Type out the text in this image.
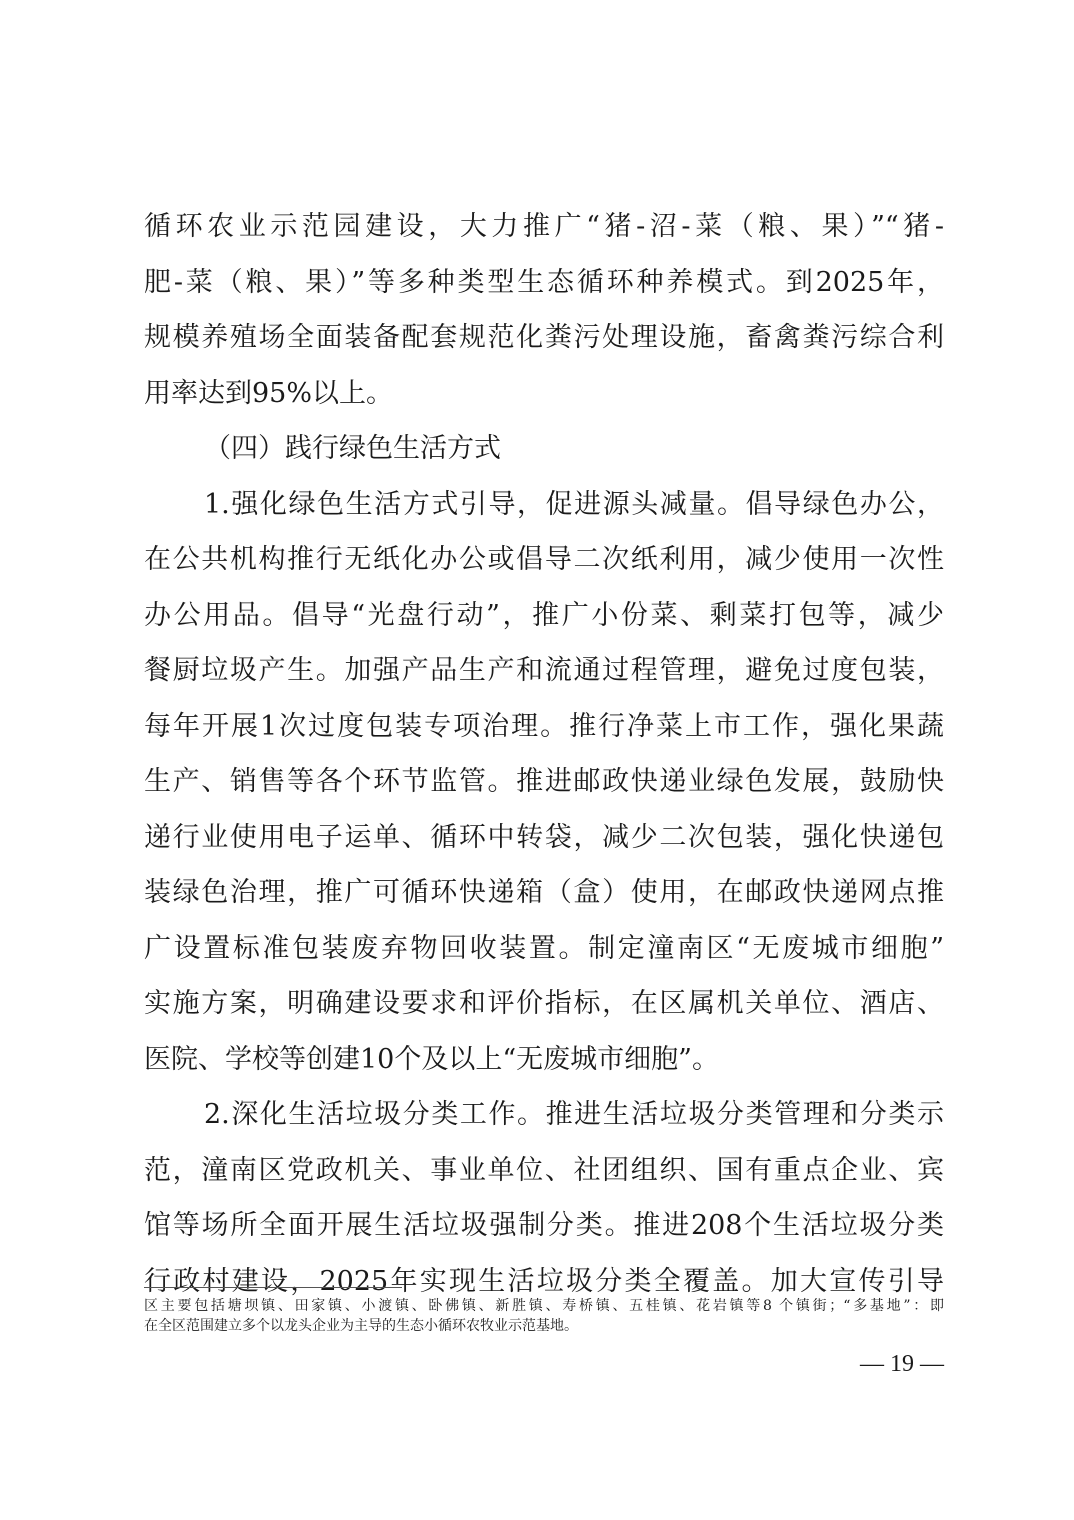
循环农业示范园建设，大力推广“猪-沼-菜（粮、果）”“猪-
肥-菜（粮、果）”等多种类型生态循环种养模式。到2025年，
规模养殖场全面装备配套规范化粪污处理设施，畜禽粪污综合利
用率达到95%以上。
（四）践行绿色生活方式
1.强化绿色生活方式引导，促进源头减量。倡导绿色办公，
在公共机构推行无纸化办公或倡导二次纸利用，减少使用一次性
办公用品。倡导“光盘行动”，推广小份菜、剩菜打包等，减少
餐厨垃圾产生。加强产品生产和流通过程管理，避免过度包装，
每年开展1次过度包装专项治理。推行净菜上市工作，强化果蔬
生产、销售等各个环节监管。推进邮政快递业绿色发展，鼓励快
递行业使用电子运单、循环中转袋，减少二次包装，强化快递包
装绿色治理，推广可循环快递箱（盒）使用，在邮政快递网点推
广设置标准包装废弃物回收装置。制定潼南区“无废城市细胞”
实施方案，明确建设要求和评价指标，在区属机关单位、酒店、
医院、学校等创建10个及以上“无废城市细胞”。
2.深化生活垃圾分类工作。推进生活垃圾分类管理和分类示
范，潼南区党政机关、事业单位、社团组织、国有重点企业、宾
馆等场所全面开展生活垃圾强制分类。推进208个生活垃圾分类
行政村建设，2025年实现生活垃圾分类全覆盖。加大宣传引导
区主要包括塘坝镇、田家镇、小渡镇、卧佛镇、新胜镇、寿桥镇、五桂镇、花岩镇等8 个镇街；“多基地”：即
在全区范围建立多个以龙头企业为主导的生态小循环农牧业示范基地。
— 19 —
